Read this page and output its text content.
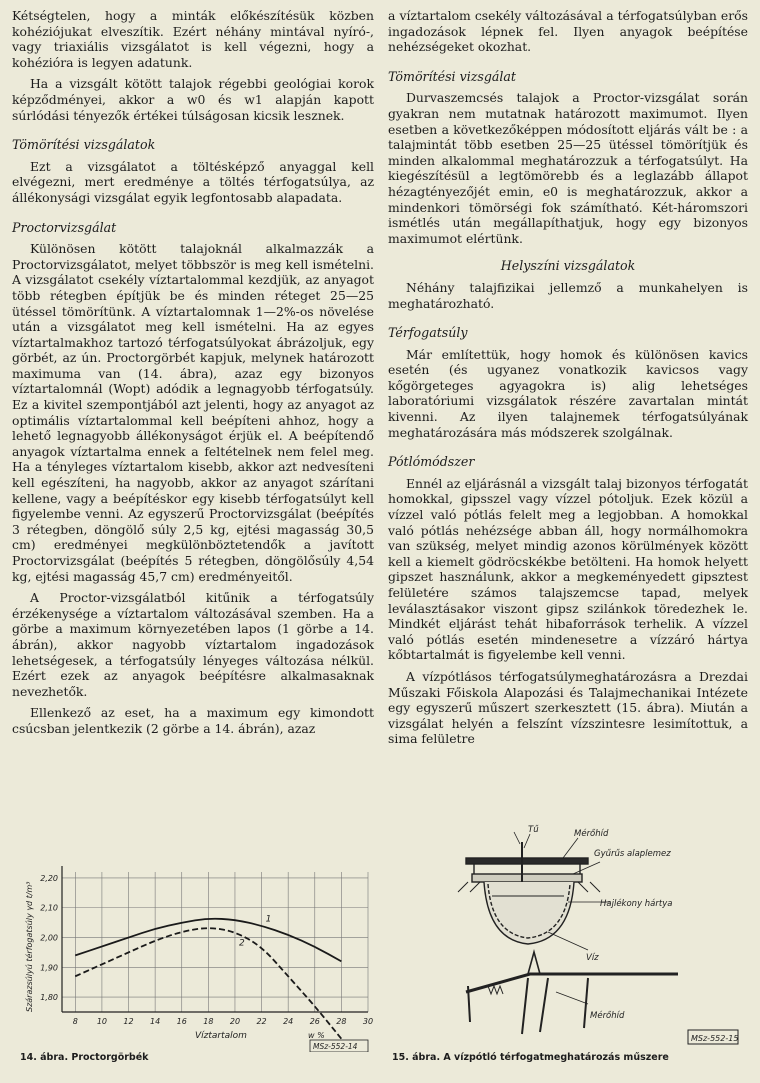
Kétségtelen, hogy a minták előkészítésük közben kohéziójukat elveszítik. Ezért néhány mintával nyíró-, vagy triaxiális vizsgálatot is kell végezni, hogy a kohézióra is legyen adatunk.

Ha a vizsgált kötött talajok régebbi geológiai korok képződményei, akkor a w0 és w1 alapján kapott súrlódási tényezők értékei túlságosan kicsik lesznek.

Tömörítési vizsgálatok

Ezt a vizsgálatot a töltésképző anyaggal kell elvégezni, mert eredménye a töltés térfogatsúlya, az állékonysági vizsgálat egyik legfontosabb alapadata.

Proctorvizsgálat

Különösen kötött talajoknál alkalmazzák a Proctorvizsgálatot, melyet többször is meg kell ismételni. A vizsgálatot csekély víztartalommal kezdjük, az anyagot több rétegben építjük be és minden réteget 25—25 ütéssel tömörítünk. A víztartalomnak 1—2%-os növelése után a vizsgálatot meg kell ismételni. Ha az egyes víztartalmakhoz tartozó térfogatsúlyokat ábrázoljuk, egy görbét, az ún. Proctorgörbét kapjuk, melynek határozott maximuma van (14. ábra), azaz egy bizonyos víztartalomnál (Wopt) adódik a legnagyobb térfogatsúly. Ez a kivitel szempontjából azt jelenti, hogy az anyagot az optimális víztartalommal kell beépíteni ahhoz, hogy a lehető legnagyobb állékonyságot érjük el. A beépítendő anyagok víztartalma ennek a feltételnek nem felel meg. Ha a tényleges víztartalom kisebb, akkor azt nedvesíteni kell egészíteni, ha nagyobb, akkor az anyagot szárítani kellene, vagy a beépítéskor egy kisebb térfogatsúlyt kell figyelembe venni. Az egyszerű Proctorvizsgálat (beépítés 3 rétegben, döngölő súly 2,5 kg, ejtési magasság 30,5 cm) eredményei megkülönböztetendők a javított Proctorvizsgálat (beépítés 5 rétegben, döngölősúly 4,54 kg, ejtési magasság 45,7 cm) eredményeitől.

A Proctor-vizsgálatból kitűnik a térfogatsúly érzékenysége a víztartalom változásával szemben. Ha a görbe a maximum környezetében lapos (1 görbe a 14. ábrán), akkor nagyobb víztartalom ingadozások lehetségesek, a térfogatsúly lényeges változása nélkül. Ezért ezek az anyagok beépítésre alkalmasaknak nevezhetők.

Ellenkező az eset, ha a maximum egy kimondott csúcsban jelentkezik (2 görbe a 14. ábrán), azaz

a víztartalom csekély változásával a térfogatsúlyban erős ingadozások lépnek fel. Ilyen anyagok beépítése nehézségeket okozhat.

Tömörítési vizsgálat

Durvaszemcsés talajok a Proctor-vizsgálat során gyakran nem mutatnak határozott maximumot. Ilyen esetben a következőképpen módosított eljárás vált be : a talajmintát több esetben 25—25 ütéssel tömörítjük és minden alkalommal meghatározzuk a térfogatsúlyt. Ha kiegészítésül a legtömörebb és a leglazább állapot hézagtényezőjét emin, e0 is meghatározzuk, akkor a mindenkori tömörségi fok számítható. Két-háromszori ismétlés után megállapíthatjuk, hogy egy bizonyos maximumot elértünk.

Helyszíni vizsgálatok

Néhány talajfizikai jellemző a munkahelyen is meghatározható.

Térfogatsúly

Már említettük, hogy homok és különösen kavics esetén (és ugyanez vonatkozik kavicsos vagy kőgörgeteges agyagokra is) alig lehetséges laboratóriumi vizsgálatok részére zavartalan mintát kivenni. Az ilyen talajnemek térfogatsúlyának meghatározására más módszerek szolgálnak.

Pótlómódszer

Ennél az eljárásnál a vizsgált talaj bizonyos térfogatát homokkal, gipsszel vagy vízzel pótoljuk. Ezek közül a vízzel való pótlás felelt meg a legjobban. A homokkal való pótlás nehézsége abban áll, hogy normálhomokra van szükség, melyet mindig azonos körülmények között kell a kiemelt gödröcskékbe betölteni. Ha homok helyett gipszet használunk, akkor a megkeményedett gipsztest felületére számos talajszemcse tapad, melyek leválasztásakor viszont gipsz szilánkok töredezhek le. Mindkét eljárást tehát hibaforrások terhelik. A vízzel való pótlás esetén mindenesetre a vízzáró hártya kőbtartalmát is figyelembe kell venni.

A vízpótlásos térfogatsúlymeghatározásra a Drezdai Műszaki Főiskola Alapozási és Talajmechanikai Intézete egy egyszerű műszert szerkesztett (15. ábra). Miután a vizsgálat helyén a felszínt vízszintesre lesimítottuk, a sima felületre

1,80
1,90
2,00
2,10
2,20
8 10 12 14 16 18 20 22 24 26 28 30
1
2
Víztartalom	w %
Szárazsúlyú térfogatsúly γd t/m³
MSz-552-14
Tű	Mérőhíd
Gyűrűs alaplemez
Hajlékony hártya
Víz
Mérőhíd
MSz-552-15
14. ábra. Proctorgörbék	15. ábra. A vízpótló térfogatmeghatározás műszere
